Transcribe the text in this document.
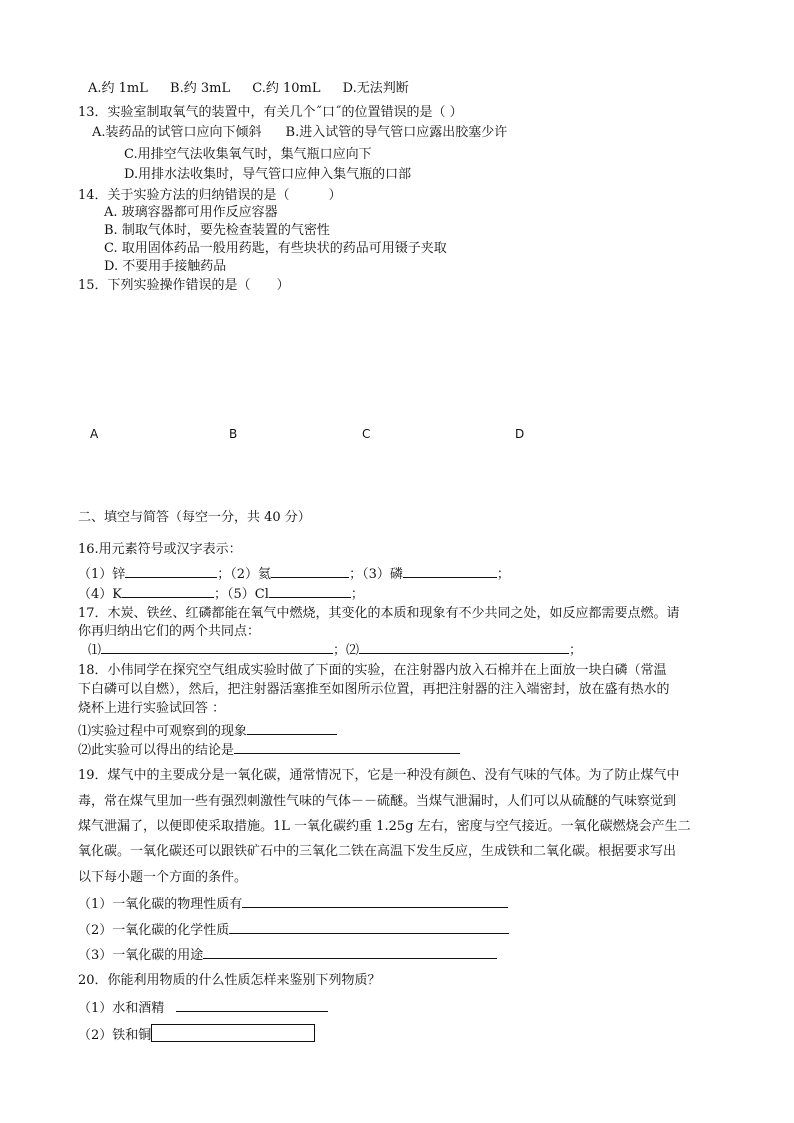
A.约 1mL B.约 3mL C.约 10mL D.无法判断
13．实验室制取氧气的装置中，有关几个˝口˝的位置错误的是（ ）
A.装药品的试管口应向下倾斜 B.进入试管的导气管口应露出胶塞少许
C.用排空气法收集氧气时，集气瓶口应向下
D.用排水法收集时，导气管口应伸入集气瓶的口部
14．关于实验方法的归纳错误的是（　　　）
A. 玻璃容器都可用作反应容器
B. 制取气体时，要先检查装置的气密性
C. 取用固体药品一般用药匙，有些块状的药品可用镊子夹取
D. 不要用手接触药品
15．下列实验操作错误的是（　　）
A	B	C	D
二、填空与简答（每空一分，共 40 分）
16.用元素符号或汉字表示：
（1）锌	；（2）氦	；（3）磷	；
（4）K	；（5）Cl	；
17．木炭、铁丝、红磷都能在氧气中燃烧，其变化的本质和现象有不少共同之处，如反应都需要点燃。请
你再归纳出它们的两个共同点：
⑴	；⑵	；
18．小伟同学在探究空气组成实验时做了下面的实验，在注射器内放入石棉并在上面放一块白磷（常温
下白磷可以自燃），然后，把注射器活塞推至如图所示位置，再把注射器的注入端密封，放在盛有热水的
烧杯上进行实验试回答 ：
⑴实验过程中可观察到的现象
⑵此实验可以得出的结论是
19．煤气中的主要成分是一氧化碳，通常情况下，它是一种没有颜色、没有气味的气体。为了防止煤气中
毒，常在煤气里加一些有强烈刺激性气味的气体－－硫醚。当煤气泄漏时，人们可以从硫醚的气味察觉到
煤气泄漏了，以便即使采取措施。1L 一氧化碳约重 1.25g 左右，密度与空气接近。一氧化碳燃烧会产生二
氧化碳。一氧化碳还可以跟铁矿石中的三氧化二铁在高温下发生反应，生成铁和二氧化碳。根据要求写出
以下每小题一个方面的条件。
（1）一氧化碳的物理性质有
（2）一氧化碳的化学性质
（3）一氧化碳的用途
20．你能利用物质的什么性质怎样来鉴别下列物质？
（1）水和酒精
（2）铁和铜
